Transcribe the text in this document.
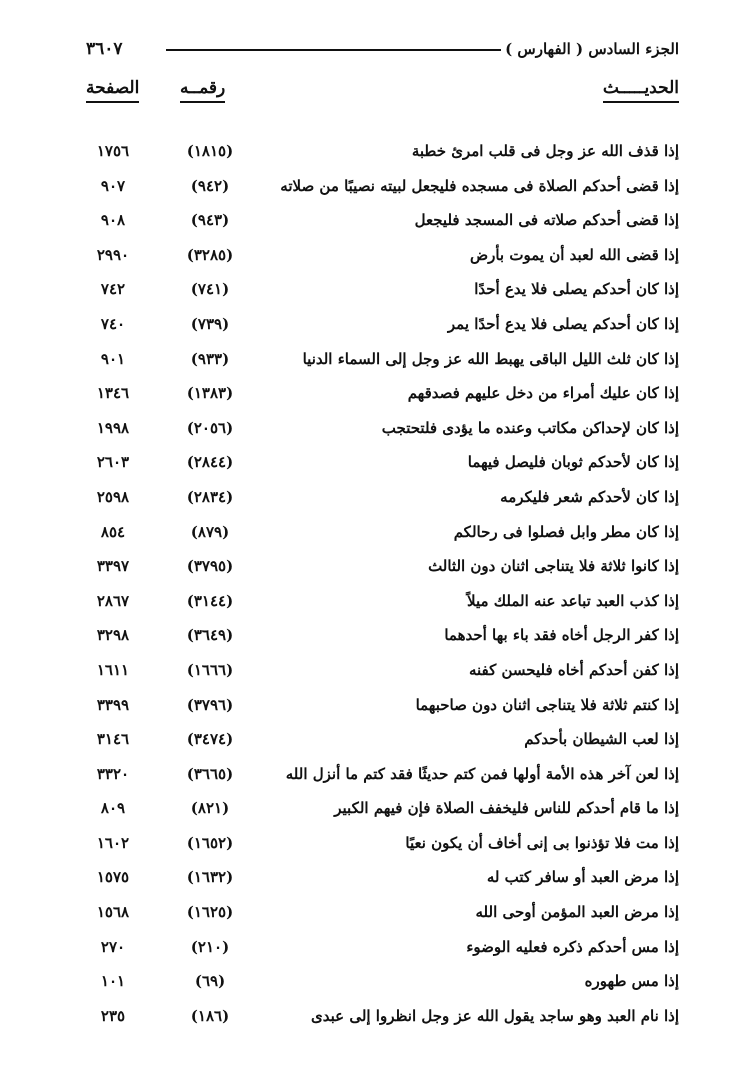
الجزء السادس ( الفهارس )
٣٦٠٧
الحديـــــث
رقمــه
الصفحة
إذا قذف الله عز وجل فى قلب امرئ خطبة
(١٨١٥)
١٧٥٦
إذا قضى أحدكم الصلاة فى مسجده فليجعل لبيته نصيبًا من صلاته
(٩٤٢)
٩٠٧
إذا قضى أحدكم صلاته فى المسجد فليجعل
(٩٤٣)
٩٠٨
إذا قضى الله لعبد أن يموت بأرض
(٣٢٨٥)
٢٩٩٠
إذا كان أحدكم يصلى فلا يدع أحدًا
(٧٤١)
٧٤٢
إذا كان أحدكم يصلى فلا يدع أحدًا يمر
(٧٣٩)
٧٤٠
إذا كان ثلث الليل الباقى يهبط الله عز وجل إلى السماء الدنيا
(٩٣٣)
٩٠١
إذا كان عليك أمراء من دخل عليهم فصدقهم
(١٣٨٣)
١٣٤٦
إذا كان لإحداكن مكاتب وعنده ما يؤدى فلتحتجب
(٢٠٥٦)
١٩٩٨
إذا كان لأحدكم ثوبان فليصل فيهما
(٢٨٤٤)
٢٦٠٣
إذا كان لأحدكم شعر فليكرمه
(٢٨٣٤)
٢٥٩٨
إذا كان مطر وابل فصلوا فى رحالكم
(٨٧٩)
٨٥٤
إذا كانوا ثلاثة فلا يتناجى اثنان دون الثالث
(٣٧٩٥)
٣٣٩٧
إذا كذب العبد تباعد عنه الملك ميلاً
(٣١٤٤)
٢٨٦٧
إذا كفر الرجل أخاه فقد باء بها أحدهما
(٣٦٤٩)
٣٢٩٨
إذا كفن أحدكم أخاه فليحسن كفنه
(١٦٦٦)
١٦١١
إذا كنتم ثلاثة فلا يتناجى اثنان دون صاحبهما
(٣٧٩٦)
٣٣٩٩
إذا لعب الشيطان بأحدكم
(٣٤٧٤)
٣١٤٦
إذا لعن آخر هذه الأمة أولها فمن كتم حديثًا فقد كتم ما أنزل الله
(٣٦٦٥)
٣٣٢٠
إذا ما قام أحدكم للناس فليخفف الصلاة فإن فيهم الكبير
(٨٢١)
٨٠٩
إذا مت فلا تؤذنوا بى إنى أخاف أن يكون نعيًا
(١٦٥٢)
١٦٠٢
إذا مرض العبد أو سافر كتب له
(١٦٣٢)
١٥٧٥
إذا مرض العبد المؤمن أوحى الله
(١٦٢٥)
١٥٦٨
إذا مس أحدكم ذكره فعليه الوضوء
(٢١٠)
٢٧٠
إذا مس طهوره
(٦٩)
١٠١
إذا نام العبد وهو ساجد يقول الله عز وجل انظروا إلى عبدى
(١٨٦)
٢٣٥
